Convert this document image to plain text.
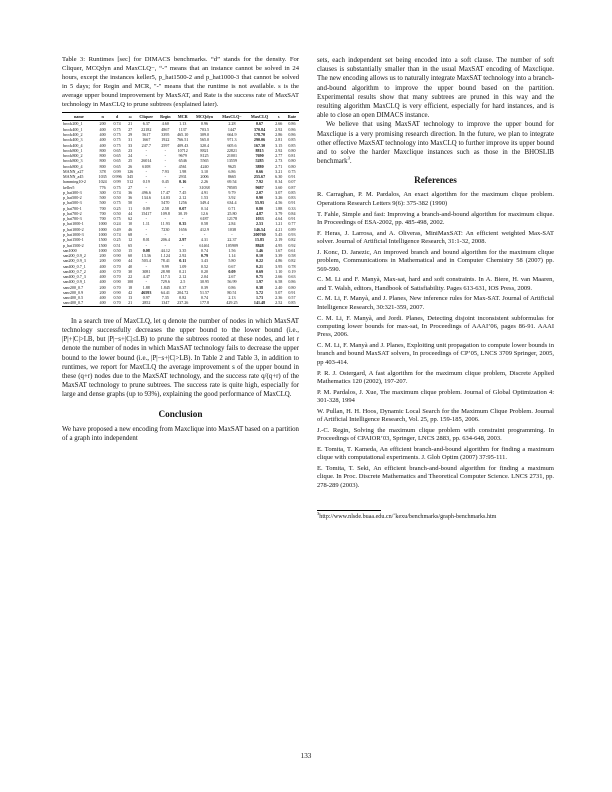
Table 3: Runtimes [sec] for DIMACS benchmarks. “d” stands for the density. For Cliquer, MCQdyn and MaxCLQ−, “-” means that an instance cannot be solved in 24 hours, except the instances keller5, p_hat1500-2 and p_hat1000-3 that cannot be solved in 5 days; for Regin and MCR, "-" means that the runtime is not available. s is the average upper bound improvement by MaxSAT, and Rate is the success rate of MaxSAT technology in MaxCLQ to prune subtrees (explained later).

name	n	d	ω	Cliquer	Regin	MCR	MCQdyn	MaxCLQ−	MaxCLQ	s	Rate
brock200_1	200	0.74	21	6.37	4.60	1.13	0.96	2.28	0.67	2.66	0.86
brock400_1	400	0.75	27	22182	4867	1137	703.5	1447	370.84	2.92	0.86
brock400_2	400	0.75	29	5617	3395	465.10	309.0	664.9	178.70	2.86	0.86
brock400_3	400	0.75	31	1667	1922	766.51	565.0	971.3	290.06	2.81	0.85
brock400_4	400	0.75	33	247.7	2597	409.43	320.4	605.6	167.30	3.15	0.85
brock800_1	800	0.65	23	-	-	10712	8821	22821	8815	2.92	0.80
brock800_2	800	0.65	24	-	-	9679	8125	21001	7690	2.77	0.81
brock800_3	800	0.65	25	26014	-	6546	5565	13559	5285	2.73	0.80
brock800_4	800	0.65	26	6108	-	4561	4240	9625	3880	2.71	0.80
MANN_a27	378	0.99	126	-	7.93	1.98	3.10	6.86	0.66	3.21	0.75
MANN_a45	1035	0.996	345	-	-	2931	2006	8665	255.67	6.30	0.91
hamming10-2	1024	0.99	512	0.19	0.45	0.16	2.26	69.54	7.92	0.34	0.07
keller5	776	0.75	27	-	-	-	31038	78505	9687	3.60	0.87
p_hat300-3	300	0.74	36	496.6	17.47	7.45	4.91	9.79	2.07	3.07	0.85
p_hat500-2	500	0.50	36	134.6	14.03	2.12	1.53	3.92	0.90	3.26	0.83
p_hat500-3	500	0.75	50	-	5470	1256	349.4	634.4	55.95	4.56	0.91
p_hat700-1	700	0.25	11	0.09	2.58	0.07	0.14	0.71	0.80	1.88	0.33
p_hat700-2	700	0.50	44	15417	109.8	30.19	12.6	25.80	4.87	3.79	0.84
p_hat700-3	700	0.75	62	-	-	-	6187	12178	1033	4.64	0.91
p_hat1000-1	1000	0.24	10	1.11	11.93	0.35	0.58	2.84	2.53	1.21	0.77
p_hat1000-2	1000	0.49	46	-	7230	1656	412.9	1038	146.54	4.21	0.89
p_hat1000-3	1000	0.74	68	-	-	-	-	-	200760	5.45	0.93
p_hat1500-1	1500	0.25	12	8.01	206.4	2.97	4.31	22.37	15.85	2.19	0.82
p_hat1500-2	1500	0.51	65	-	-	-	61461	105909	8848	4.95	0.92
san1000	1000	0.50	15	0.08	44.12	3.35	0.74	1.56	1.46	1.67	0.61
san200_0.9_2	200	0.90	60	13.36	1.124	2.92	0.79	1.14	0.10	3.39	0.58
san200_0.9_3	200	0.90	44	503.4	78.41	0.11	3.43	5.80	0.22	4.86	0.82
san400_0.7_1	400	0.70	40	-	9.99	1.09	0.52	0.67	0.21	3.95	0.78
san400_0.7_2	400	0.70	30	3081	28.98	0.21	0.20	0.09	0.69	1.10	0.19
san400_0.7_3	400	0.70	22	4.47	117.3	2.12	2.04	2.67	0.75	2.66	0.63
san400_0.9_1	400	0.90	100	-	729.6	2.5	30.95	56.99	1.97	6.58	0.86
sanr200_0.7	200	0.70	18	1.88	1.845	0.37	0.39	0.86	0.38	2.40	0.80
sanr200_0.9	200	0.90	42	46593	64.41	204.72	51.57	80.51	5.72	5.07	0.91
sanr400_0.5	400	0.50	13	0.97	7.35	0.82	0.74	2.13	1.73	2.36	0.57
sanr400_0.7	400	0.70	21	2852	1347	237.26	177.8	429.25	141.48	2.52	0.85

In a search tree of MaxCLQ, let q denote the number of nodes in which MaxSAT technology successfully decreases the upper bound to the lower bound (i.e., |P|+|C|>LB, but |P|−s+|C|≤LB) to prune the subtrees rooted at these nodes, and let r denote the number of nodes in which MaxSAT technology fails to decrease the upper bound to the lower bound (i.e., |P|−s+|C|>LB). In Table 2 and Table 3, in addition to runtimes, we report for MaxCLQ the average improvement s of the upper bound in these (q+r) nodes due to the MaxSAT technology, and the success rate q/(q+r) of the MaxSAT technology to prune subtrees. The success rate is quite high, especially for large and dense graphs (up to 93%), explaining the good performance of MaxCLQ.

Conclusion

We have proposed a new encoding from Maxclique into MaxSAT based on a partition of a graph into independent

sets, each independent set being encoded into a soft clause. The number of soft clauses is substantially smaller than in the usual MaxSAT encoding of Maxclique. The new encoding allows us to naturally integrate MaxSAT technology into a branch-and-bound algorithm to improve the upper bound based on the partition. Experimental results show that many subtrees are pruned in this way and the resulting algorithm MaxCLQ is very efficient, especially for hard instances, and is able to close an open DIMACS instance.

We believe that using MaxSAT technology to improve the upper bound for Maxclique is a very promising research direction. In the future, we plan to integrate other effective MaxSAT technology into MaxCLQ to further improve its upper bound and to solve the harder Maxclique instances such as those in the BHOSLIB benchmark$^3$.

References

R. Carraghan, P. M. Pardalos, An exact algorithm for the maximum clique problem. Operations Research Letters 9(6): 375-382 (1990)

T. Fahle, Simple and fast: Improving a branch-and-bound algorithm for maximum clique. In Proceedings of ESA-2002, pp. 485-498, 2002.

F. Heras, J. Larrosa, and A. Oliveras, MiniMaxSAT: An efficient weighted Max-SAT solver. Journal of Artificial Intelligence Research, 31:1-32, 2008.

J. Konc, D. Janezic, An improved branch and bound algorithm for the maximum clique problem, Communications in Mathematical and in Computer Chemistry 58 (2007) pp. 569-590.

C. M. Li and F. Manyà, Max-sat, hard and soft constraints. In A. Biere, H. van Maaren, and T. Walsh, editors, Handbook of Satisfiability. Pages 613-631, IOS Press, 2009.

C. M. Li, F. Manyà, and J. Planes, New inference rules for Max-SAT. Journal of Artificial Intelligence Research, 30:321-359, 2007.

C. M. Li, F. Manyà, and Jordi. Planes, Detecting disjoint inconsistent subformulas for computing lower bounds for max-sat, In Proceedings of AAAI’06, pages 86-91. AAAI Press, 2006.

C. M. Li, F. Manyà and J. Planes, Exploiting unit propagation to compute lower bounds in branch and bound MaxSAT solvers, In proceedings of CP’05, LNCS 3709 Springer, 2005, pp 403-414.

P. R. J. Ostergard, A fast algorithm for the maximum clique problem, Discrete Applied Mathematics 120 (2002), 197-207.

P. M. Pardalos, J. Xue, The maximum clique problem. Journal of Global Optimization 4: 301-328, 1994

W. Pullan, H. H. Hoos, Dynamic Local Search for the Maximum Clique Problem. Journal of Artificial Intelligence Research, Vol. 25, pp. 159-185, 2006.

J.-C. Regin, Solving the maximum clique problem with constraint programming. In Proceedings of CPAIOR’03, Springer, LNCS 2883, pp. 634-648, 2003.

E. Tomita, T. Kameda, An efficient branch-and-bound algorithm for finding a maximum clique with computational experiments. J. Glob Optim (2007) 37:95-111.

E. Tomita, T. Seki, An efficient branch-and-bound algorithm for finding a maximum clique. In Proc. Discrete Mathematics and Theoretical Computer Science. LNCS 2731, pp. 278-289 (2003).

$^3$http://www.nlsde.buaa.edu.cn/˜kexu/benchmarks/graph-benchmarks.htm

133
